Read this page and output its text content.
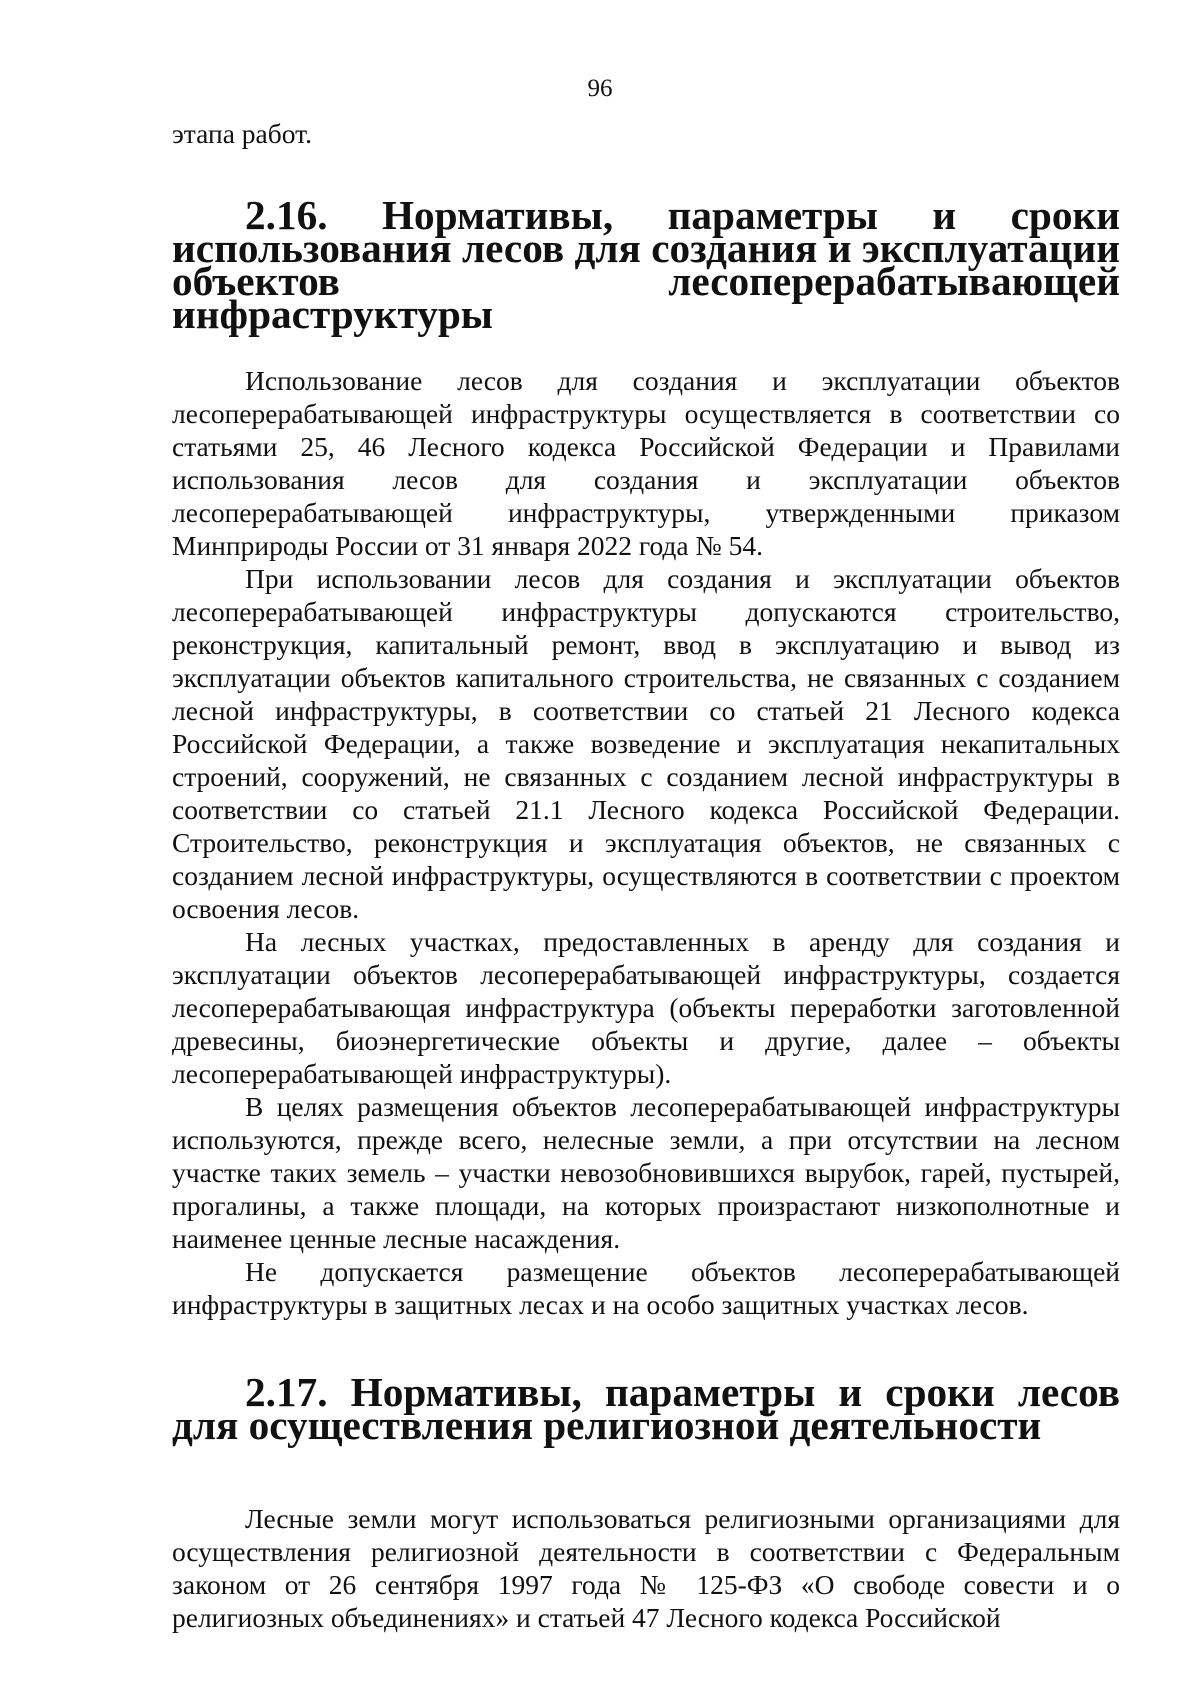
96

этапа работ.

2.16. Нормативы, параметры и сроки использования лесов для создания и эксплуатации объектов лесоперерабатывающей инфраструктуры

Использование лесов для создания и эксплуатации объектов лесоперерабатывающей инфраструктуры осуществляется в соответствии со статьями 25, 46 Лесного кодекса Российской Федерации и Правилами использования лесов для создания и эксплуатации объектов лесоперерабатывающей инфраструктуры, утвержденными приказом Минприроды России от 31 января 2022 года № 54.

При использовании лесов для создания и эксплуатации объектов лесоперерабатывающей инфраструктуры допускаются строительство, реконструкция, капитальный ремонт, ввод в эксплуатацию и вывод из эксплуатации объектов капитального строительства, не связанных с созданием лесной инфраструктуры, в соответствии со статьей 21 Лесного кодекса Российской Федерации, а также возведение и эксплуатация некапитальных строений, сооружений, не связанных с созданием лесной инфраструктуры в соответствии со статьей 21.1 Лесного кодекса Российской Федерации. Строительство, реконструкция и эксплуатация объектов, не связанных с созданием лесной инфраструктуры, осуществляются в соответствии с проектом освоения лесов.

На лесных участках, предоставленных в аренду для создания и эксплуатации объектов лесоперерабатывающей инфраструктуры, создается лесоперерабатывающая инфраструктура (объекты переработки заготовленной древесины, биоэнергетические объекты и другие, далее – объекты лесоперерабатывающей инфраструктуры).

В целях размещения объектов лесоперерабатывающей инфраструктуры используются, прежде всего, нелесные земли, а при отсутствии на лесном участке таких земель – участки невозобновившихся вырубок, гарей, пустырей, прогалины, а также площади, на которых произрастают низкополнотные и наименее ценные лесные насаждения.

Не допускается размещение объектов лесоперерабатывающей инфраструктуры в защитных лесах и на особо защитных участках лесов.

2.17. Нормативы, параметры и сроки лесов для осуществления религиозной деятельности

Лесные земли могут использоваться религиозными организациями для осуществления религиозной деятельности в соответствии с Федеральным законом от 26 сентября 1997 года № 125-ФЗ «О свободе совести и о религиозных объединениях» и статьей 47 Лесного кодекса Российской
